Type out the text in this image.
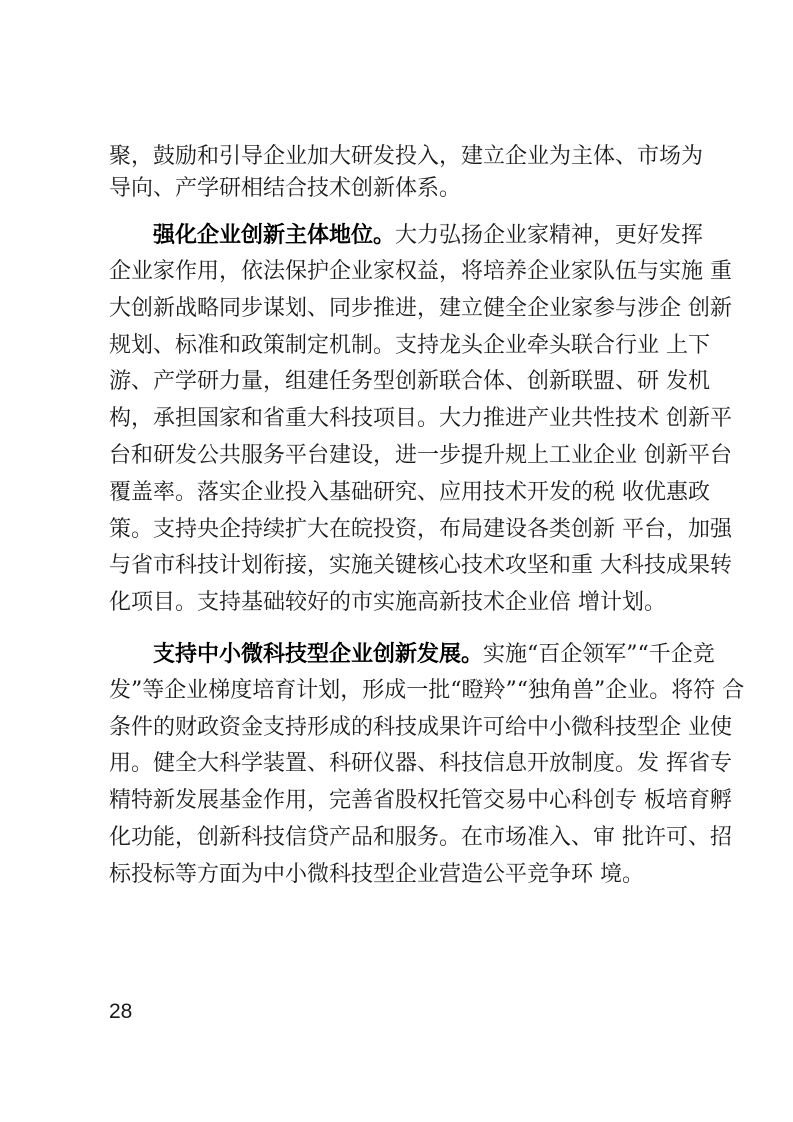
聚，鼓励和引导企业加大研发投入，建立企业为主体、市场为
导向、产学研相结合技术创新体系。
强化企业创新主体地位。大力弘扬企业家精神，更好发挥
企业家作用，依法保护企业家权益，将培养企业家队伍与实施 重
大创新战略同步谋划、同步推进，建立健全企业家参与涉企 创新
规划、标准和政策制定机制。支持龙头企业牵头联合行业 上下
游、产学研力量，组建任务型创新联合体、创新联盟、研 发机
构，承担国家和省重大科技项目。大力推进产业共性技术 创新平
台和研发公共服务平台建设，进一步提升规上工业企业 创新平台
覆盖率。落实企业投入基础研究、应用技术开发的税 收优惠政
策。支持央企持续扩大在皖投资，布局建设各类创新 平台，加强
与省市科技计划衔接，实施关键核心技术攻坚和重 大科技成果转
化项目。支持基础较好的市实施高新技术企业倍 增计划。
支持中小微科技型企业创新发展。实施“百企领军”“千企竞
发”等企业梯度培育计划，形成一批“瞪羚”“独角兽”企业。将符 合
条件的财政资金支持形成的科技成果许可给中小微科技型企 业使
用。健全大科学装置、科研仪器、科技信息开放制度。发 挥省专
精特新发展基金作用，完善省股权托管交易中心科创专 板培育孵
化功能，创新科技信贷产品和服务。在市场准入、审 批许可、招
标投标等方面为中小微科技型企业营造公平竞争环 境。
28
